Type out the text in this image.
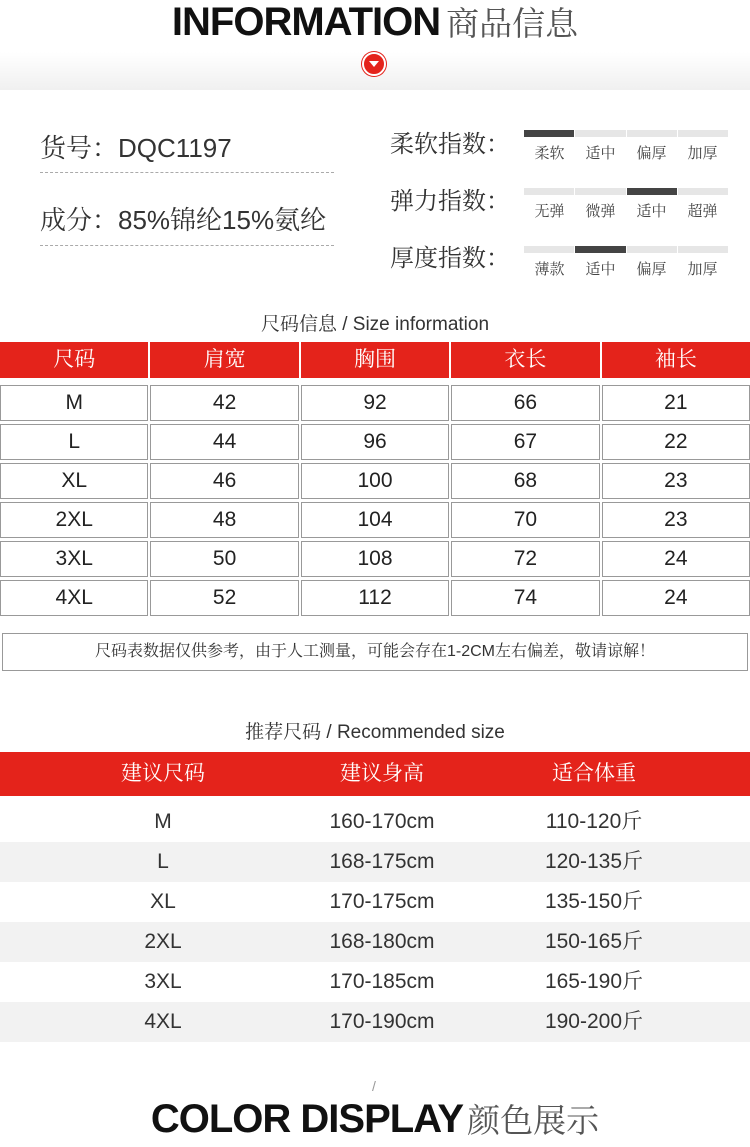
INFORMATION 商品信息
货号：DQC1197
成分：85%锦纶15%氨纶
柔软指数：	柔软	适中	偏厚	加厚
弹力指数：	无弹	微弹	适中	超弹
厚度指数：	薄款	适中	偏厚	加厚
尺码信息 / Size information
尺码	肩宽	胸围	衣长	袖长
M	42	92	66	21
L	44	96	67	22
XL	46	100	68	23
2XL	48	104	70	23
3XL	50	108	72	24
4XL	52	112	74	24
尺码表数据仅供参考，由于人工测量，可能会存在1-2CM左右偏差，敬请谅解！
推荐尺码 / Recommended size
建议尺码	建议身高	适合体重
M	160-170cm	110-120斤
L	168-175cm	120-135斤
XL	170-175cm	135-150斤
2XL	168-180cm	150-165斤
3XL	170-185cm	165-190斤
4XL	170-190cm	190-200斤
/
COLOR DISPLAY 颜色展示
